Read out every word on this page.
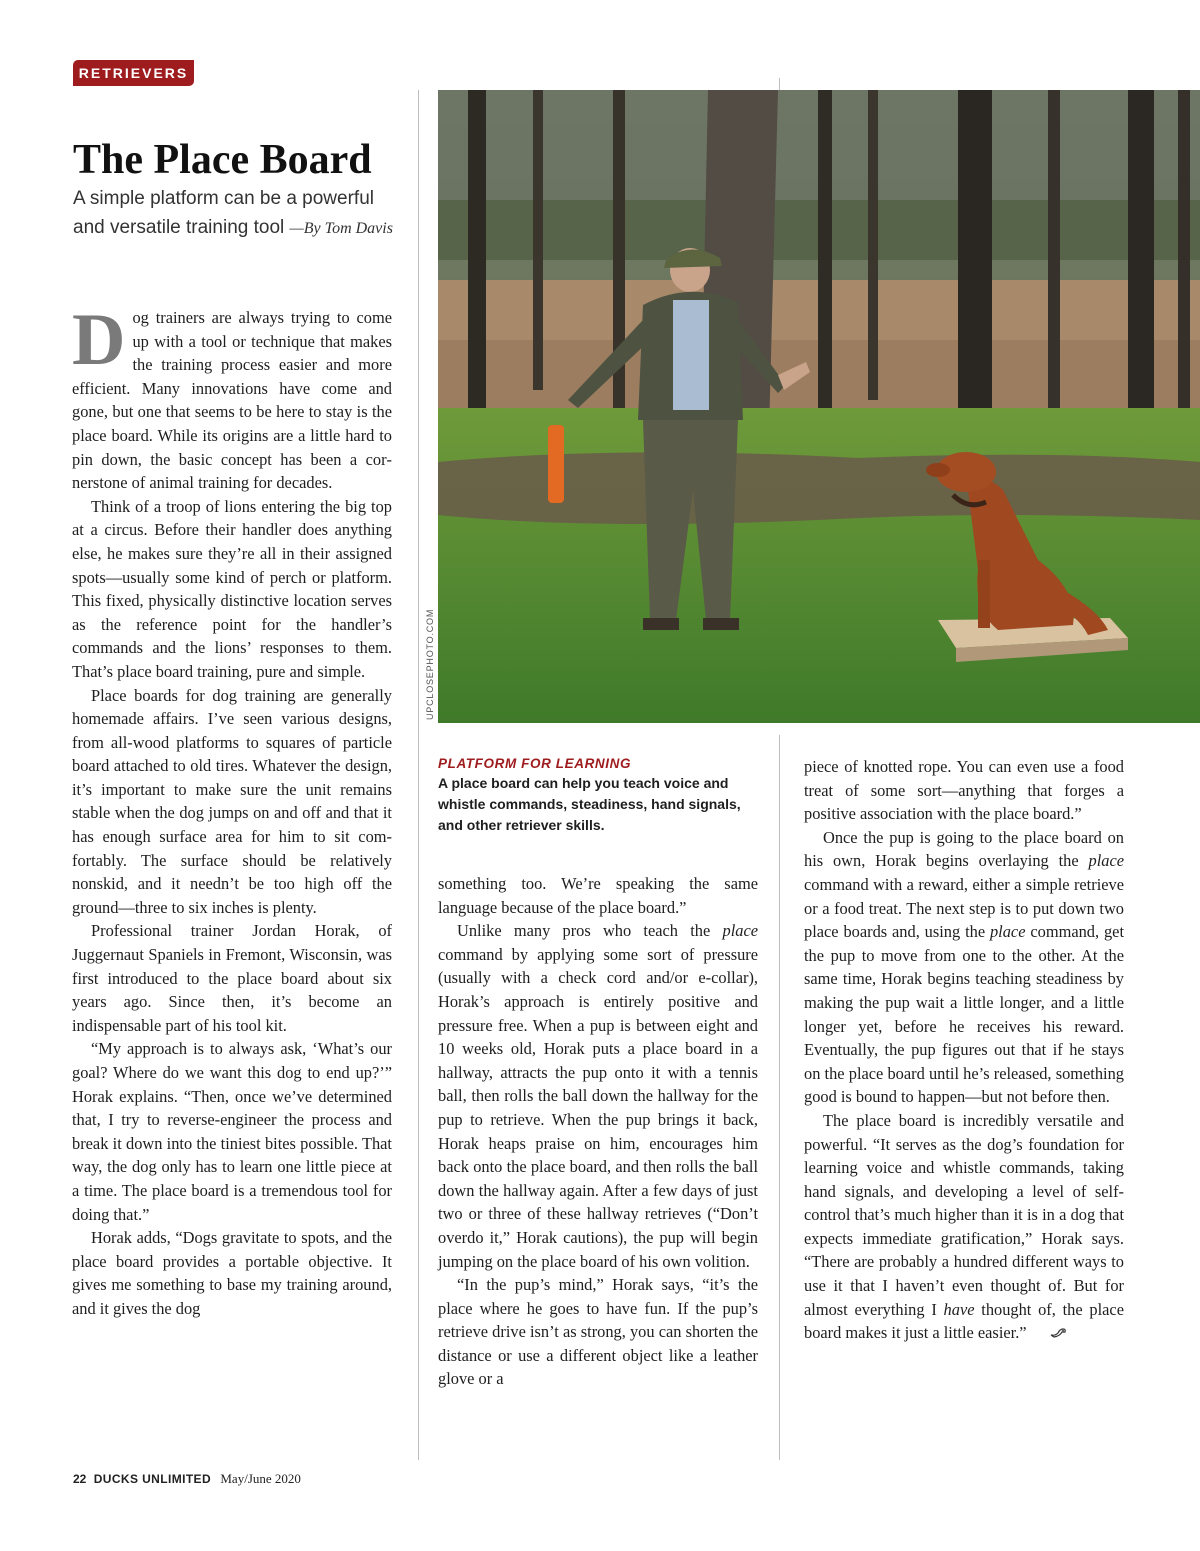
RETRIEVERS
The Place Board
A simple platform can be a powerful and versatile training tool —By Tom Davis

Dog trainers are always trying to come up with a tool or technique that makes the training process easier and more efficient. Many innovations have come and gone, but one that seems to be here to stay is the place board. While its origins are a little hard to pin down, the basic concept has been a cornerstone of animal training for decades.

Think of a troop of lions entering the big top at a circus. Before their handler does anything else, he makes sure they’re all in their assigned spots—usually some kind of perch or platform. This fixed, physically distinctive location serves as the reference point for the handler’s commands and the lions’ responses to them. That’s place board training, pure and simple.

Place boards for dog training are generally homemade affairs. I’ve seen various designs, from all-wood platforms to squares of particle board attached to old tires. Whatever the design, it’s important to make sure the unit remains stable when the dog jumps on and off and that it has enough surface area for him to sit comfortably. The surface should be relatively nonskid, and it needn’t be too high off the ground—three to six inches is plenty.

Professional trainer Jordan Horak, of Juggernaut Spaniels in Fremont, Wisconsin, was first introduced to the place board about six years ago. Since then, it’s become an indispensable part of his tool kit.

“My approach is to always ask, ‘What’s our goal? Where do we want this dog to end up?’” Horak explains. “Then, once we’ve determined that, I try to reverse-engineer the process and break it down into the tiniest bites possible. That way, the dog only has to learn one little piece at a time. The place board is a tremendous tool for doing that.”

Horak adds, “Dogs gravitate to spots, and the place board provides a portable objective. It gives me something to base my training around, and it gives the dog

UPCLOSEPHOTO.COM
PLATFORM FOR LEARNING
A place board can help you teach voice and whistle commands, steadiness, hand signals, and other retriever skills.

something too. We’re speaking the same language because of the place board.”

Unlike many pros who teach the place command by applying some sort of pressure (usually with a check cord and/or e-collar), Horak’s approach is entirely positive and pressure free. When a pup is between eight and 10 weeks old, Horak puts a place board in a hallway, attracts the pup onto it with a tennis ball, then rolls the ball down the hallway for the pup to retrieve. When the pup brings it back, Horak heaps praise on him, encourages him back onto the place board, and then rolls the ball down the hallway again. After a few days of just two or three of these hallway retrieves (“Don’t overdo it,” Horak cautions), the pup will begin jumping on the place board of his own volition.

“In the pup’s mind,” Horak says, “it’s the place where he goes to have fun. If the pup’s retrieve drive isn’t as strong, you can shorten the distance or use a different object like a leather glove or a

piece of knotted rope. You can even use a food treat of some sort—anything that forges a positive association with the place board.”

Once the pup is going to the place board on his own, Horak begins overlaying the place command with a reward, either a simple retrieve or a food treat. The next step is to put down two place boards and, using the place command, get the pup to move from one to the other. At the same time, Horak begins teaching steadiness by making the pup wait a little longer, and a little longer yet, before he receives his reward. Eventually, the pup figures out that if he stays on the place board until he’s released, something good is bound to happen—but not before then.

The place board is incredibly versatile and powerful. “It serves as the dog’s foundation for learning voice and whistle commands, taking hand signals, and developing a level of self-control that’s much higher than it is in a dog that expects immediate gratification,” Horak says. “There are probably a hundred different ways to use it that I haven’t even thought of. But for almost everything I have thought of, the place board makes it just a little easier.”

22 DUCKS UNLIMITED May/June 2020
